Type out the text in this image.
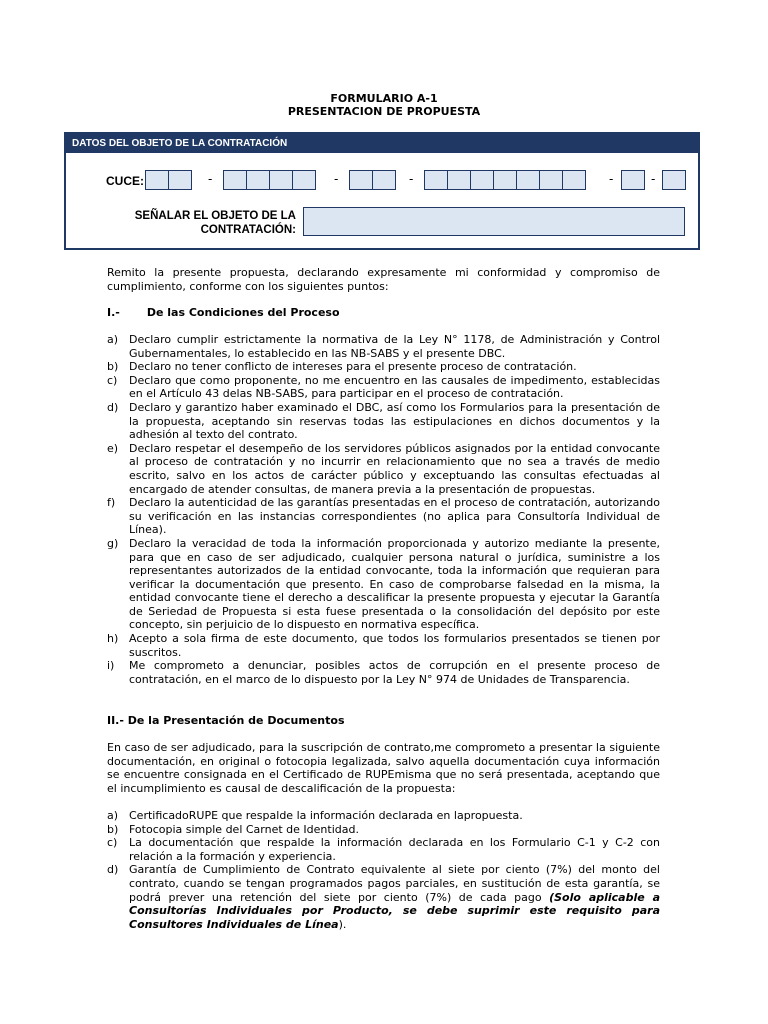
FORMULARIO A-1
PRESENTACION DE PROPUESTA
DATOS DEL OBJETO DE LA CONTRATACIÓN
CUCE:	-	-	-	-	-
SEÑALAR EL OBJETO DE LA CONTRATACIÓN:
Remito la presente propuesta, declarando expresamente mi conformidad y compromiso de cumplimiento, conforme con los siguientes puntos:
I.- De las Condiciones del Proceso
a) Declaro cumplir estrictamente la normativa de la Ley N° 1178, de Administración y Control Gubernamentales, lo establecido en las NB-SABS y el presente DBC.
b) Declaro no tener conflicto de intereses para el presente proceso de contratación.
c)	Declaro que como proponente, no me encuentro en las causales de impedimento, establecidas en el Artículo 43 delas NB-SABS, para participar en el proceso de contratación.
d) Declaro y garantizo haber examinado el DBC, así como los Formularios para la presentación de la propuesta, aceptando sin reservas todas las estipulaciones en dichos documentos y la adhesión al texto del contrato.
e) Declaro respetar el desempeño de los servidores públicos asignados por la entidad convocante al proceso de contratación y no incurrir en relacionamiento que no sea a través de medio escrito, salvo en los actos de carácter público y exceptuando las consultas efectuadas al encargado de atender consultas, de manera previa a la presentación de propuestas.
f)	Declaro la autenticidad de las garantías presentadas en el proceso de contratación, autorizando su verificación en las instancias correspondientes (no aplica para Consultoría Individual de Línea).
g) Declaro la veracidad de toda la información proporcionada y autorizo mediante la presente, para que en caso de ser adjudicado, cualquier persona natural o jurídica, suministre a los representantes autorizados de la entidad convocante, toda la información que requieran para verificar la documentación que presento. En caso de comprobarse falsedad en la misma, la entidad convocante tiene el derecho a descalificar la presente propuesta y ejecutar la Garantía de Seriedad de Propuesta si esta fuese presentada o la consolidación del depósito por este concepto, sin perjuicio de lo dispuesto en normativa específica.
h) Acepto a sola firma de este documento, que todos los formularios presentados se tienen por suscritos.
i)	Me comprometo a denunciar, posibles actos de corrupción en el presente proceso de contratación, en el marco de lo dispuesto por la Ley N° 974 de Unidades de Transparencia.
II.- De la Presentación de Documentos
En caso de ser adjudicado, para la suscripción de contrato,me comprometo a presentar la siguiente documentación, en original o fotocopia legalizada, salvo aquella documentación cuya información se encuentre consignada en el Certificado de RUPEmisma que no será presentada, aceptando que el incumplimiento es causal de descalificación de la propuesta:
a) CertificadoRUPE que respalde la información declarada en lapropuesta.
b) Fotocopia simple del Carnet de Identidad.
c)	La documentación que respalde la información declarada en los Formulario C-1 y C-2 con relación a la formación y experiencia.
d) Garantía de Cumplimiento de Contrato equivalente al siete por ciento (7%) del monto del contrato, cuando se tengan programados pagos parciales, en sustitución de esta garantía, se podrá prever una retención del siete por ciento (7%) de cada pago (Solo aplicable a Consultorías Individuales por Producto, se debe suprimir este requisito para Consultores Individuales de Línea).
